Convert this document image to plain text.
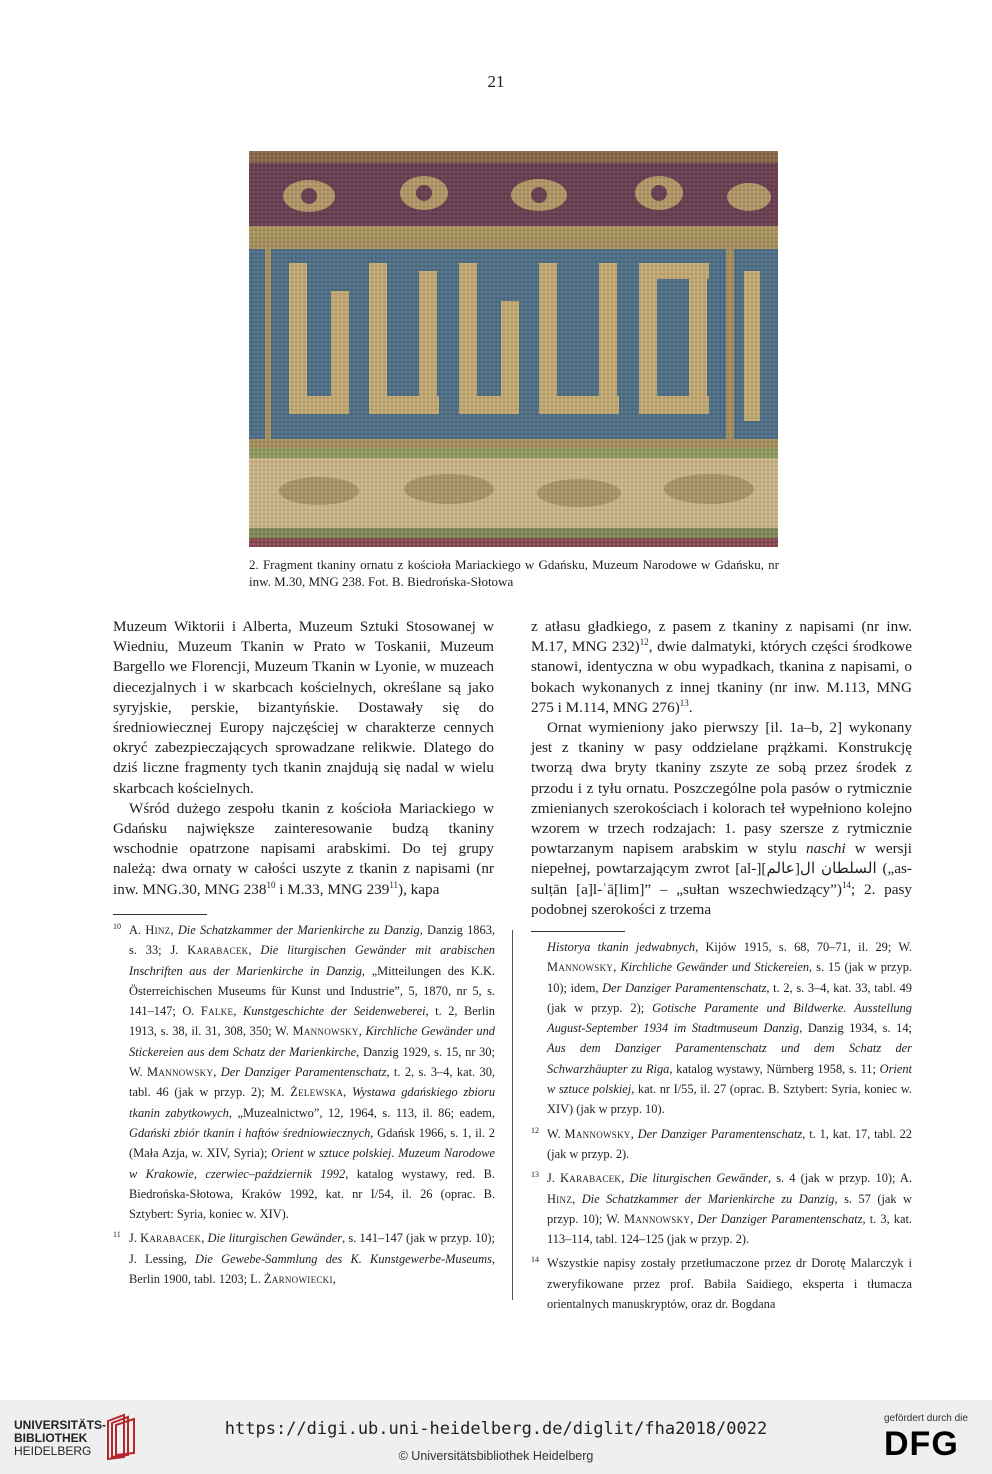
21
2. Fragment tkaniny ornatu z kościoła Mariackiego w Gdańsku, Muzeum Narodowe w Gdańsku, nr inw. M.30, MNG 238. Fot. B. Biedrońska-Słotowa

Muzeum Wiktorii i Alberta, Muzeum Sztuki Stosowanej w Wiedniu, Muzeum Tkanin w Prato w Toskanii, Muzeum Bargello we Florencji, Muzeum Tkanin w Lyonie, w muzeach diecezjalnych i w skarbcach kościelnych, określane są jako syryjskie, perskie, bizantyńskie. Dostawały się do średniowiecznej Europy najczęściej w charakterze cennych okryć zabezpieczających sprowadzane relikwie. Dlatego do dziś liczne fragmenty tych tkanin znajdują się nadal w wielu skarbcach kościelnych.

Wśród dużego zespołu tkanin z kościoła Mariackiego w Gdańsku największe zainteresowanie budzą tkaniny wschodnie opatrzone napisami arabskimi. Do tej grupy należą: dwa ornaty w całości uszyte z tkanin z napisami (nr inw. MNG.30, MNG $238^{10}$ i M.33, MNG $239^{11}$), kapa

z atłasu gładkiego, z pasem z tkaniny z napisami (nr inw. M.17, MNG 232)$^{12}$, dwie dalmatyki, których części środkowe stanowi, identyczna w obu wypadkach, tkanina z napisami, o bokach wykonanych z innej tkaniny (nr inw. M.113, MNG 275 i M.114, MNG 276)$^{13}$.

Ornat wymieniony jako pierwszy [il. 1a–b, 2] wykonany jest z tkaniny w pasy oddzielane prążkami. Konstrukcję tworzą dwa bryty tkaniny zszyte ze sobą przez środek z przodu i z tyłu ornatu. Poszczególne pola pasów o rytmicznie zmienianych szerokościach i kolorach teł wypełniono kolejno wzorem w trzech rodzajach: 1. pasy szersze z rytmicznie powtarzanym napisem arabskim w stylu naschi w wersji niepełnej, powtarzającym zwrot [al-]السلطان ال[عالم] („as-sulṭān [a]l-ʿā[lim]” – „sułtan wszechwiedzący”)$^{14}$; 2. pasy podobnej szerokości z trzema

10 A. Hinz, Die Schatzkammer der Marienkirche zu Danzig, Danzig 1863, s. 33; J. Karabacek, Die liturgischen Gewänder mit arabischen Inschriften aus der Marienkirche in Danzig, „Mitteilungen des K.K. Österreichischen Museums für Kunst und Industrie”, 5, 1870, nr 5, s. 141–147; O. Falke, Kunstgeschichte der Seidenweberei, t. 2, Berlin 1913, s. 38, il. 31, 308, 350; W. Mannowsky, Kirchliche Gewänder und Stickereien aus dem Schatz der Marienkirche, Danzig 1929, s. 15, nr 30; W. Mannowsky, Der Danziger Paramentenschatz, t. 2, s. 3–4, kat. 30, tabl. 46 (jak w przyp. 2); M. Żelewska, Wystawa gdańskiego zbioru tkanin zabytkowych, „Muzealnictwo”, 12, 1964, s. 113, il. 86; eadem, Gdański zbiór tkanin i haftów średniowiecznych, Gdańsk 1966, s. 1, il. 2 (Mała Azja, w. XIV, Syria); Orient w sztuce polskiej. Muzeum Narodowe w Krakowie, czerwiec–październik 1992, katalog wystawy, red. B. Biedrońska-Słotowa, Kraków 1992, kat. nr I/54, il. 26 (oprac. B. Sztybert: Syria, koniec w. XIV).

11 J. Karabacek, Die liturgischen Gewänder, s. 141–147 (jak w przyp. 10); J. Lessing, Die Gewebe-Sammlung des K. Kunstgewerbe-Museums, Berlin 1900, tabl. 1203; L. Żarnowiecki,

Historya tkanin jedwabnych, Kijów 1915, s. 68, 70–71, il. 29; W. Mannowsky, Kirchliche Gewänder und Stickereien, s. 15 (jak w przyp. 10); idem, Der Danziger Paramentenschatz, t. 2, s. 3–4, kat. 33, tabl. 49 (jak w przyp. 2); Gotische Paramente und Bildwerke. Ausstellung August-September 1934 im Stadtmuseum Danzig, Danzig 1934, s. 14; Aus dem Danziger Paramentenschatz und dem Schatz der Schwarzhäupter zu Riga, katalog wystawy, Nürnberg 1958, s. 11; Orient w sztuce polskiej, kat. nr I/55, il. 27 (oprac. B. Sztybert: Syria, koniec w. XIV) (jak w przyp. 10).

12 W. Mannowsky, Der Danziger Paramentenschatz, t. 1, kat. 17, tabl. 22 (jak w przyp. 2).

13 J. Karabacek, Die liturgischen Gewänder, s. 4 (jak w przyp. 10); A. Hinz, Die Schatzkammer der Marienkirche zu Danzig, s. 57 (jak w przyp. 10); W. Mannowsky, Der Danziger Paramentenschatz, t. 3, kat. 113–114, tabl. 124–125 (jak w przyp. 2).

14 Wszystkie napisy zostały przetłumaczone przez dr Dorotę Malarczyk i zweryfikowane przez prof. Babila Saidiego, eksperta i tłumacza orientalnych manuskryptów, oraz dr. Bogdana

UNIVERSITÄTS-
BIBLIOTHEK
HEIDELBERG
https://digi.ub.uni-heidelberg.de/diglit/fha2018/0022
© Universitätsbibliothek Heidelberg
gefördert durch die
DFG
